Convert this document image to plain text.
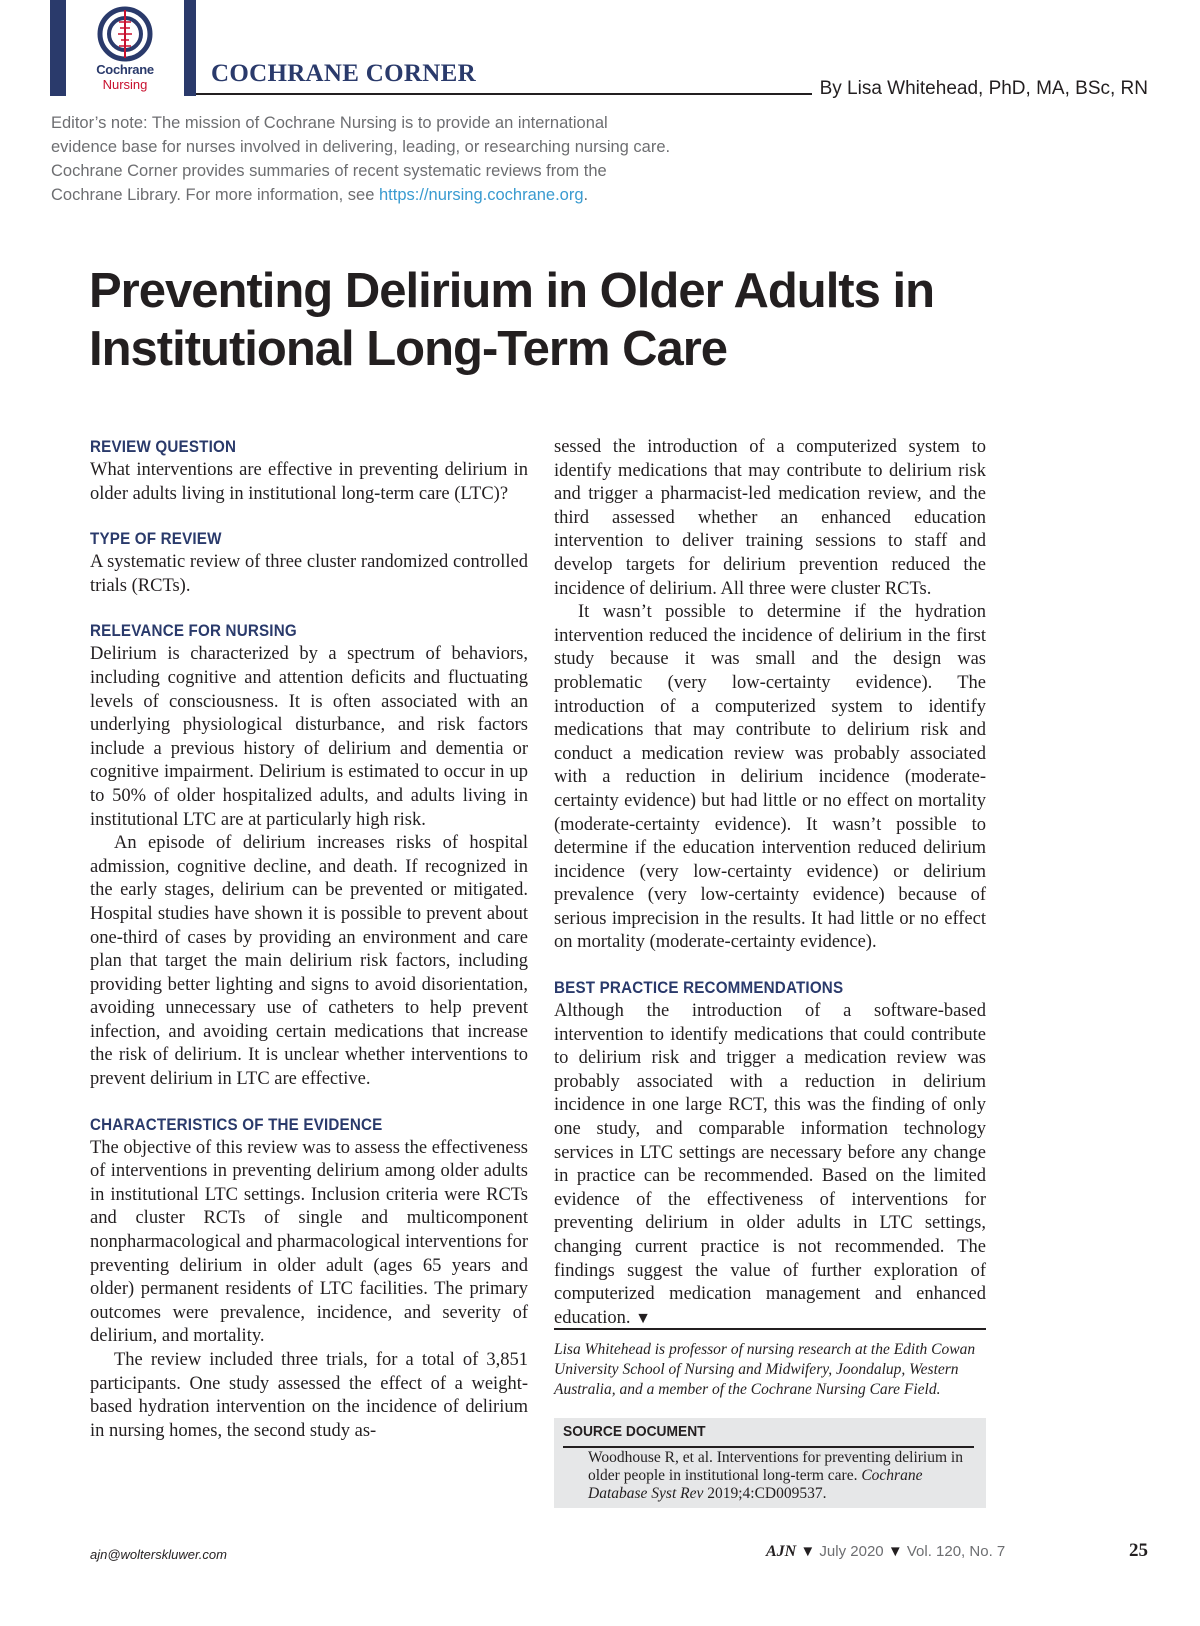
Cochrane
Nursing	COCHRANE CORNER
By Lisa Whitehead, PhD, MA, BSc, RN
Editor’s note: The mission of Cochrane Nursing is to provide an international evidence base for nurses involved in delivering, leading, or researching nursing care. Cochrane Corner provides summaries of recent systematic reviews from the Cochrane Library. For more information, see https://nursing.cochrane.org.
Preventing Delirium in Older Adults in Institutional Long-Term Care
REVIEW QUESTION

What interventions are effective in preventing delirium in older adults living in institutional long-term care (LTC)?

TYPE OF REVIEW

A systematic review of three cluster randomized controlled trials (RCTs).

RELEVANCE FOR NURSING

Delirium is characterized by a spectrum of behaviors, including cognitive and attention deficits and fluctuating levels of consciousness. It is often associated with an underlying physiological disturbance, and risk factors include a previous history of delirium and dementia or cognitive impairment. Delirium is estimated to occur in up to 50% of older hospitalized adults, and adults living in institutional LTC are at particularly high risk.

An episode of delirium increases risks of hospital admission, cognitive decline, and death. If recognized in the early stages, delirium can be prevented or mitigated. Hospital studies have shown it is possible to prevent about one-third of cases by providing an environment and care plan that target the main delirium risk factors, including providing better lighting and signs to avoid disorientation, avoiding unnecessary use of catheters to help prevent infection, and avoiding certain medications that increase the risk of delirium. It is unclear whether interventions to prevent delirium in LTC are effective.

CHARACTERISTICS OF THE EVIDENCE

The objective of this review was to assess the effectiveness of interventions in preventing delirium among older adults in institutional LTC settings. Inclusion criteria were RCTs and cluster RCTs of single and multicomponent nonpharmacological and pharmacological interventions for preventing delirium in older adult (ages 65 years and older) permanent residents of LTC facilities. The primary outcomes were prevalence, incidence, and severity of delirium, and mortality.

The review included three trials, for a total of 3,851 participants. One study assessed the effect of a weight-based hydration intervention on the incidence of delirium in nursing homes, the second study as-

sessed the introduction of a computerized system to identify medications that may contribute to delirium risk and trigger a pharmacist-led medication review, and the third assessed whether an enhanced education intervention to deliver training sessions to staff and develop targets for delirium prevention reduced the incidence of delirium. All three were cluster RCTs.

It wasn’t possible to determine if the hydration intervention reduced the incidence of delirium in the first study because it was small and the design was problematic (very low-certainty evidence). The introduction of a computerized system to identify medications that may contribute to delirium risk and conduct a medication review was probably associated with a reduction in delirium incidence (moderate-certainty evidence) but had little or no effect on mortality (moderate-certainty evidence). It wasn’t possible to determine if the education intervention reduced delirium incidence (very low-certainty evidence) or delirium prevalence (very low-certainty evidence) because of serious imprecision in the results. It had little or no effect on mortality (moderate-certainty evidence).

BEST PRACTICE RECOMMENDATIONS

Although the introduction of a software-based intervention to identify medications that could contribute to delirium risk and trigger a medication review was probably associated with a reduction in delirium incidence in one large RCT, this was the finding of only one study, and comparable information technology services in LTC settings are necessary before any change in practice can be recommended. Based on the limited evidence of the effectiveness of interventions for preventing delirium in older adults in LTC settings, changing current practice is not recommended. The findings suggest the value of further exploration of computerized medication management and enhanced education. ▼

Lisa Whitehead is professor of nursing research at the Edith Cowan University School of Nursing and Midwifery, Joondalup, Western Australia, and a member of the Cochrane Nursing Care Field.

SOURCE DOCUMENT

Woodhouse R, et al. Interventions for preventing delirium in older people in institutional long-term care. Cochrane Database Syst Rev 2019;4:CD009537.

ajn@wolterskluwer.com	AJN ▼ July 2020 ▼ Vol. 120, No. 7	25
